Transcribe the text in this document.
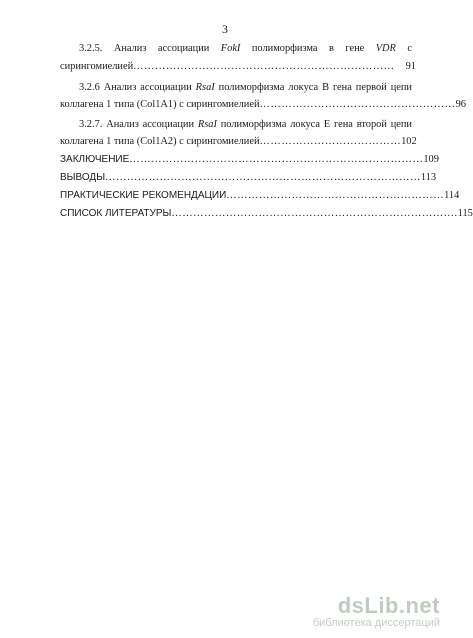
3
3.2.5. Анализ ассоциации FokI полиморфизма в гене VDR с
сирингомиелией ………………………………………………………………	91
3.2.6 Анализ ассоциации RsaI полиморфизма локуса В гена первой цепи
коллагена 1 типа (Col1A1) с сирингомиелией ……………………………………………… 96
3.2.7. Анализ ассоциации RsaI полиморфизма локуса Е гена второй цепи
коллагена 1 типа (Col1A2) с сирингомиелией ………………………………… 102
ЗАКЛЮЧЕНИЕ ……………………………………………………………………… 109
ВЫВОДЫ …………………………………………………………………………… 113
ПРАКТИЧЕСКИЕ РЕКОМЕНДАЦИИ …………………………………………………… 114
СПИСОК ЛИТЕРАТУРЫ ……………………………………………………………………. 115
dsLib.net
библиотека диссертаций
